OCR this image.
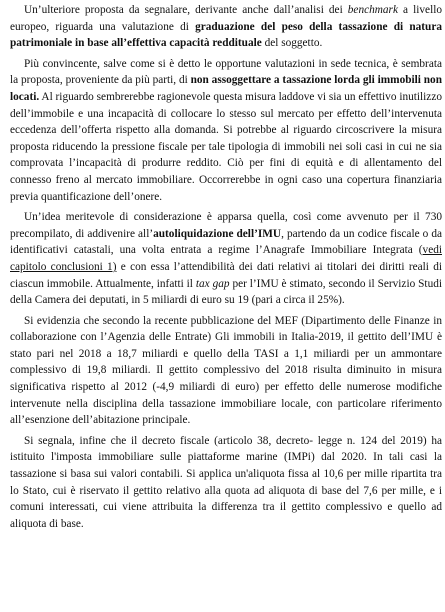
Un’ulteriore proposta da segnalare, derivante anche dall’analisi dei benchmark a livello
europeo, riguarda una valutazione di graduazione del peso della tassazione di natura
patrimoniale in base all’effettiva capacità reddituale del soggetto.
Più convincente, salve come si è detto le opportune valutazioni in sede tecnica, è sembrata
la proposta, proveniente da più parti, di non assoggettare a tassazione lorda gli immobili non
locati. Al riguardo sembrerebbe ragionevole questa misura laddove vi sia un effettivo inutilizzo
dell’immobile e una incapacità di collocare lo stesso sul mercato per effetto dell’intervenuta
eccedenza dell’offerta rispetto alla domanda. Si potrebbe al riguardo circoscrivere la misura
proposta riducendo la pressione fiscale per tale tipologia di immobili nei soli casi in cui ne sia
comprovata l’incapacità di produrre reddito. Ciò per fini di equità e di allentamento del
connesso freno al mercato immobiliare. Occorrerebbe in ogni caso una copertura finanziaria
previa quantificazione dell’onere.
Un’idea meritevole di considerazione è apparsa quella, così come avvenuto per il 730
precompilato, di addivenire all’autoliquidazione dell’IMU, partendo da un codice fiscale o da
identificativi catastali, una volta entrata a regime l’Anagrafe Immobiliare Integrata (vedi
capitolo conclusioni 1) e con essa l’attendibilità dei dati relativi ai titolari dei diritti reali di
ciascun immobile. Attualmente, infatti il tax gap per l’IMU è stimato, secondo il Servizio Studi
della Camera dei deputati, in 5 miliardi di euro su 19 (pari a circa il 25%).
Si evidenzia che secondo la recente pubblicazione del MEF (Dipartimento delle Finanze in
collaborazione con l’Agenzia delle Entrate) Gli immobili in Italia-2019, il gettito dell’IMU è
stato pari nel 2018 a 18,7 miliardi e quello della TASI a 1,1 miliardi per un ammontare
complessivo di 19,8 miliardi. Il gettito complessivo del 2018 risulta diminuito in misura
significativa rispetto al 2012 (-4,9 miliardi di euro) per effetto delle numerose modifiche
intervenute nella disciplina della tassazione immobiliare locale, con particolare riferimento
all’esenzione dell’abitazione principale.
Si segnala, infine che il decreto fiscale (articolo 38, decreto- legge n. 124 del 2019) ha
istituito l'imposta immobiliare sulle piattaforme marine (IMPi) dal 2020. In tali casi la
tassazione si basa sui valori contabili. Si applica un'aliquota fissa al 10,6 per mille ripartita tra
lo Stato, cui è riservato il gettito relativo alla quota ad aliquota di base del 7,6 per mille, e i
comuni interessati, cui viene attribuita la differenza tra il gettito complessivo e quello ad
aliquota di base.
